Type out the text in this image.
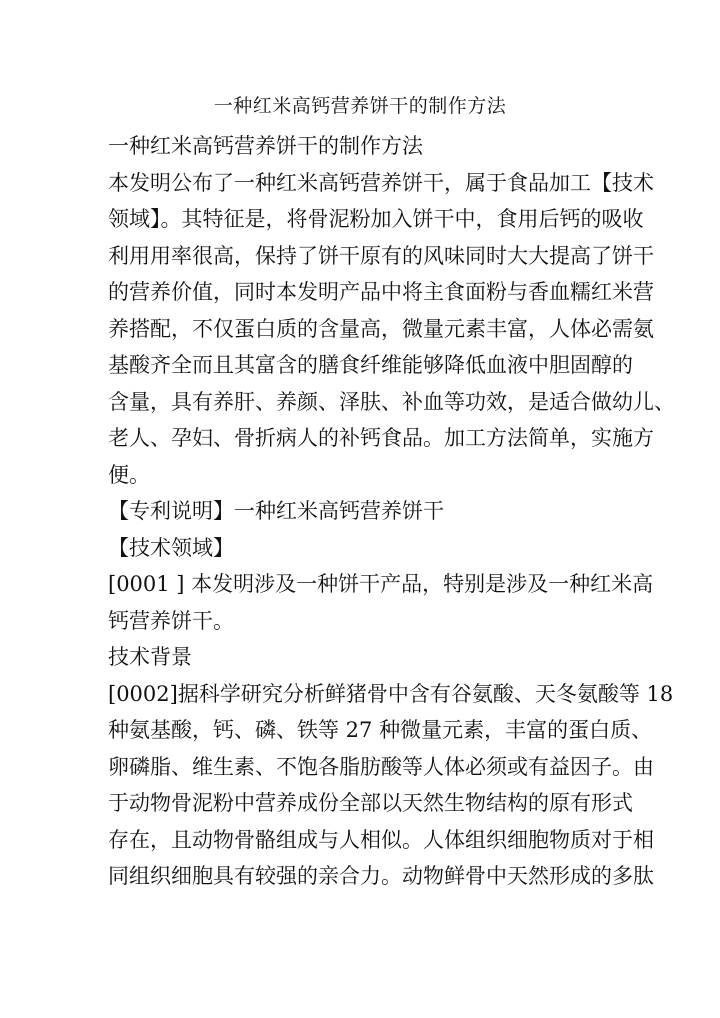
一种红米高钙营养饼干的制作方法
一种红米高钙营养饼干的制作方法
本发明公布了一种红米高钙营养饼干，属于食品加工【技术
领域】。其特征是，将骨泥粉加入饼干中，食用后钙的吸收
利用用率很高，保持了饼干原有的风味同时大大提高了饼干
的营养价值，同时本发明产品中将主食面粉与香血糯红米营
养搭配，不仅蛋白质的含量高，微量元素丰富，人体必需氨
基酸齐全而且其富含的膳食纤维能够降低血液中胆固醇的
含量，具有养肝、养颜、泽肤、补血等功效，是适合做幼儿、
老人、孕妇、骨折病人的补钙食品。加工方法简单，实施方
便。
【专利说明】一种红米高钙营养饼干
【技术领域】
[0001 ] 本发明涉及一种饼干产品，特别是涉及一种红米高
钙营养饼干。
技术背景
[0002]据科学研究分析鲜猪骨中含有谷氨酸、天冬氨酸等 18
种氨基酸，钙、磷、铁等 27 种微量元素，丰富的蛋白质、
卵磷脂、维生素、不饱各脂肪酸等人体必须或有益因子。由
于动物骨泥粉中营养成份全部以天然生物结构的原有形式
存在，且动物骨骼组成与人相似。人体组织细胞物质对于相
同组织细胞具有较强的亲合力。动物鲜骨中天然形成的多肽
